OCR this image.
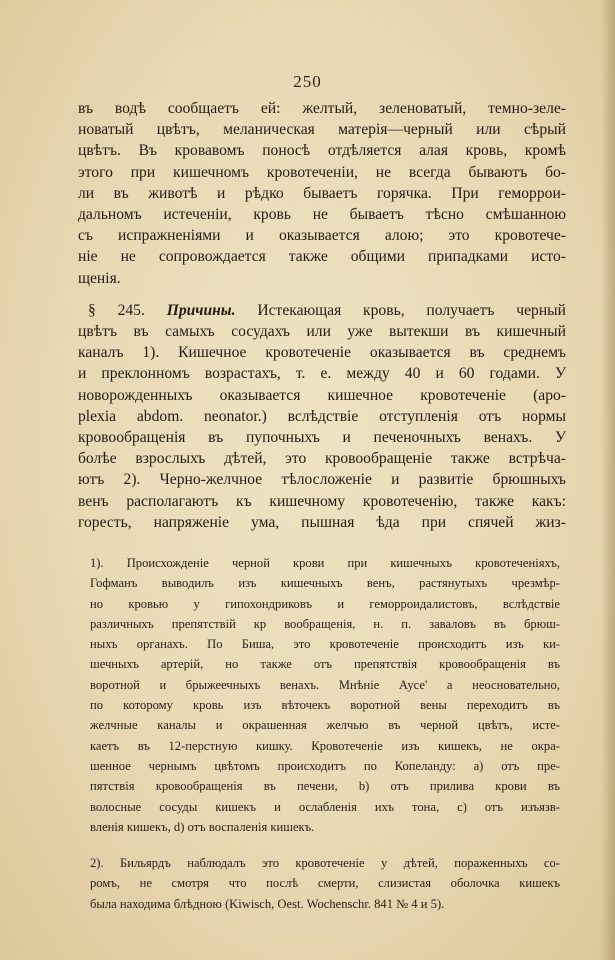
250
въ водѣ сообщаетъ ей: желтый, зеленоватый, темно-зеле-
новатый цвѣтъ, меланическая матерія—черный или сѣрый
цвѣтъ. Въ кровавомъ поносѣ отдѣляется алая кровь, кромѣ
этого при кишечномъ кровотеченіи, не всегда бываютъ бо-
ли въ животѣ и рѣдко бываетъ горячка. При геморрои-
дальномъ истеченіи, кровь не бываетъ тѣсно смѣшанною
съ испражненіями и оказывается алою; это кровотече-
ніе не сопровождается также общими припадками исто-
щенія.
§ 245. Причины. Истекающая кровь, получаетъ черный
цвѣтъ въ самыхъ сосудахъ или уже вытекши въ кишечный
каналъ 1). Кишечное кровотеченіе оказывается въ среднемъ
и преклонномъ возрастахъ, т. е. между 40 и 60 годами. У
новорожденныхъ оказывается кишечное кровотеченіе (apo-
plexia abdom. neonator.) вслѣдствіе отступленія отъ нормы
кровообращенія въ пупочныхъ и печеночныхъ венахъ. У
болѣе взрослыхъ дѣтей, это кровообращеніе также встрѣча-
ютъ 2). Черно-желчное тѣлосложеніе и развитіе брюшныхъ
венъ располагаютъ къ кишечному кровотеченію, также какъ:
горесть, напряженіе ума, пышная ѣда при спячей жиз-
1). Происхожденіе черной крови при кишечныхъ кровотеченіяхъ,
Гофманъ выводилъ изъ кишечныхъ венъ, растянутыхъ чрезмѣр-
но кровью у гипохондриковъ и геморроидалистовъ, вслѣдствіе
различныхъ препятствій кр вообращенія, н. п. заваловъ въ брюш-
ныхъ органахъ. По Биша, это кровотеченіе происходитъ изъ ки-
шечныхъ артерій, но также отъ препятствія кровообращенія въ
воротной и брыжеечныхъ венахъ. Мнѣніе Аусе' а неосновательно,
по которому кровь изъ вѣточекъ воротной вены переходитъ въ
желчные каналы и окрашенная желчью въ черной цвѣтъ, исте-
каетъ въ 12-перстную кишку. Кровотеченіе изъ кишекъ, не окра-
шенное чернымъ цвѣтомъ происходитъ по Копеланду: а) отъ пре-
пятствія кровообращенія въ печени, b) отъ прилива крови въ
волосные сосуды кишекъ и ослабленія ихъ тона, с) отъ изъязв-
вленія кишекъ, d) отъ воспаленія кишекъ.
2). Бильярдъ наблюдалъ это кровотеченіе у дѣтей, пораженныхъ со-
ромъ, не смотря что послѣ смерти, слизистая оболочка кишекъ
была находима блѣдною (Kiwisch, Oest. Wochenschr. 841 № 4 и 5).
